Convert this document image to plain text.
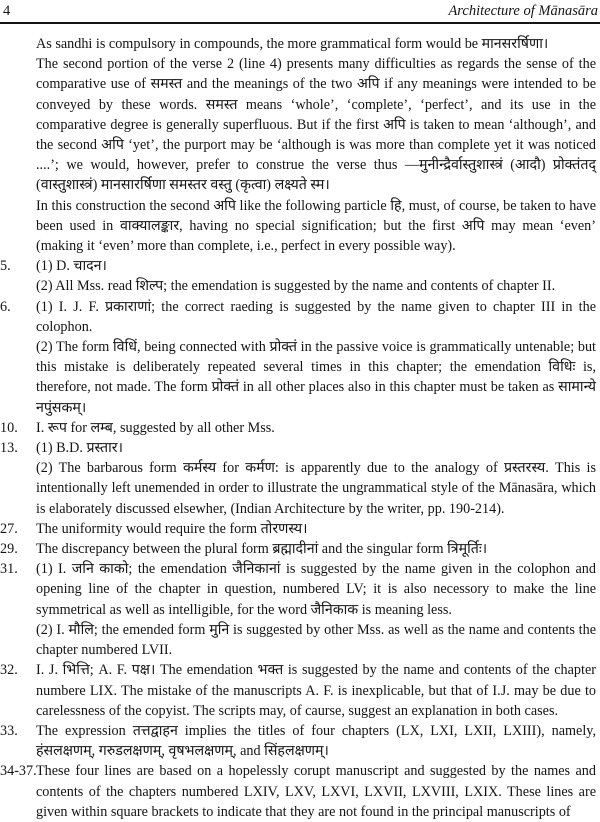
4	Architecture of Mānasāra

As sandhi is compulsory in compounds, the more grammatical form would be मानसरर्षिणा।

The second portion of the verse 2 (line 4) presents many difficulties as regards the sense of the comparative use of समस्त and the meanings of the two अपि if any meanings were intended to be conveyed by these words. समस्त means ‘whole’, ‘complete’, ‘perfect’, and its use in the comparative degree is generally superfluous. But if the first अपि is taken to mean ‘although’, and the second अपि ‘yet’, the purport may be ‘although is was more than complete yet it was noticed ....’; we would, however, prefer to construe the verse thus —मुनीन्द्रैर्वास्तुशास्त्रं (आदौ) प्रोक्तंतद् (वास्तुशास्त्रं) मानसारर्षिणा समस्तर वस्तु (कृत्वा) लक्ष्यते स्म।

In this construction the second अपि like the following particle हि, must, of course, be taken to have been used in वाक्यालङ्कार, having no special signification; but the first अपि may mean ‘even’ (making it ‘even’ more than complete, i.e., perfect in every possible way).

5. (1) D. चादन।
(2) All Mss. read शिल्प; the emendation is suggested by the name and contents of chapter II.
6. (1) I. J. F. प्रकाराणां; the correct raeding is suggested by the name given to chapter III in the colophon.
(2) The form विधिं, being connected with प्रोक्तं in the passive voice is grammatically untenable; but this mistake is deliberately repeated several times in this chapter; the emendation विधिः is, therefore, not made. The form प्रोक्तं in all other places also in this chapter must be taken as सामान्ये नपुंसकम्।
10. I. रूप for लम्ब, suggested by all other Mss.
13. (1) B.D. प्रस्तार।
(2) The barbarous form कर्मस्य for कर्मण: is apparently due to the analogy of प्रस्तरस्य. This is intentionally left unemended in order to illustrate the ungrammatical style of the Mānasāra, which is elaborately discussed elsewher, (Indian Architecture by the writer, pp. 190-214).
27. The uniformity would require the form तोरणस्य।
29. The discrepancy between the plural form ब्रह्मादीनां and the singular form त्रिमूर्तिः।
31. (1) I. जनि काको; the emendation जैनिकानां is suggested by the name given in the colophon and opening line of the chapter in question, numbered LV; it is also necessory to make the line symmetrical as well as intelligible, for the word जैनिकाक is meaning less.
(2) I. मौलि; the emended form मुनि is suggested by other Mss. as well as the name and contents the chapter numbered LVII.
32. I. J. भित्ति; A. F. पक्ष। The emendation भक्त is suggested by the name and contents of the chapter numbere LIX. The mistake of the manuscripts A. F. is inexplicable, but that of I.J. may be due to carelessness of the copyist. The scripts may, of caurse, suggest an explanation in both cases.
33. The expression तत्तद्वाहन implies the titles of four chapters (LX, LXI, LXII, LXIII), namely, हंसलक्षणम्, गरुडलक्षणम्, वृषभलक्षणम्, and सिंहलक्षणम्।
34-37. These four lines are based on a hopelessly corupt manuscript and suggested by the names and contents of the chapters numbered LXIV, LXV, LXVI, LXVII, LXVIII, LXIX. These lines are given within square brackets to indicate that they are not found in the principal manuscripts of
